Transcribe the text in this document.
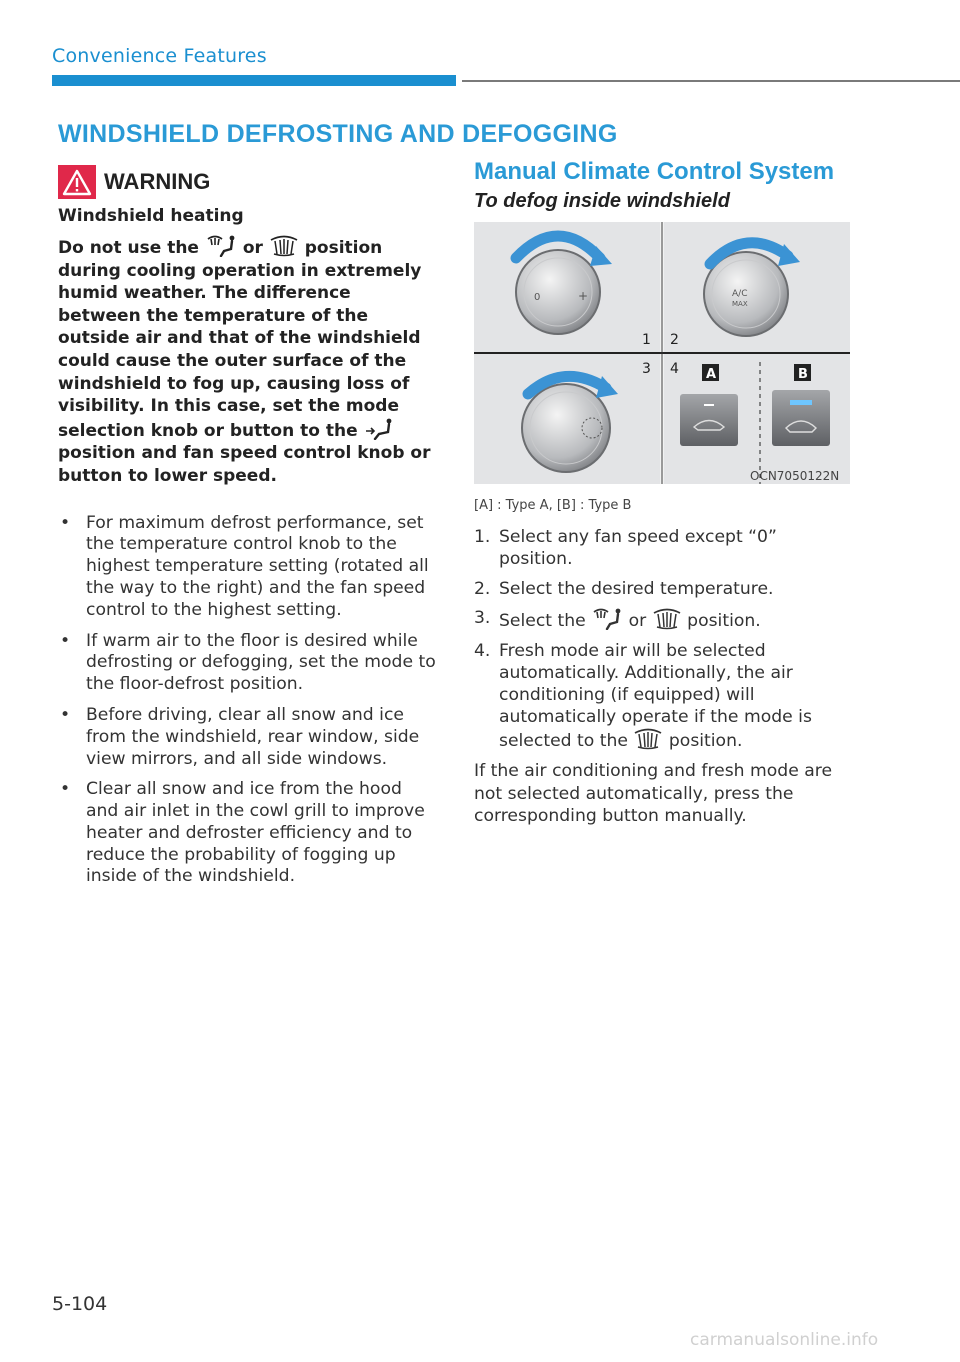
Convenience Features
WINDSHIELD DEFROSTING AND DEFOGGING
WARNING
Windshield heating
Do not use the	or position during cooling operation in extremely humid weather. The difference between the temperature of the outside air and that of the windshield could cause the outer surface of the windshield to fog up, causing loss of visibility. In this case, set the mode selection knob or button to the  position and fan speed control knob or button to lower speed.
• For maximum defrost performance, set the temperature control knob to the highest temperature setting (rotated all the way to the right) and the fan speed control to the highest setting.
• If warm air to the floor is desired while defrosting or defogging, set the mode to the floor-defrost position.
• Before driving, clear all snow and ice from the windshield, rear window, side view mirrors, and all side windows.
• Clear all snow and ice from the hood and air inlet in the cowl grill to improve heater and defroster efficiency and to reduce the probability of fogging up inside of the windshield.
Manual Climate Control System
To defog inside windshield
0	+	A/C
MAX
1 2
3 4 A	B
OCN7050122N
[A] : Type A, [B] : Type B
1. Select any fan speed except “0” position.
2. Select the desired temperature.
3. Select the or position.
4. Fresh mode air will be selected automatically. Additionally, the air conditioning (if equipped) will automatically operate if the mode is selected to the position.
If the air conditioning and fresh mode are not selected automatically, press the corresponding button manually.
5-104
carmanualsonline.info
